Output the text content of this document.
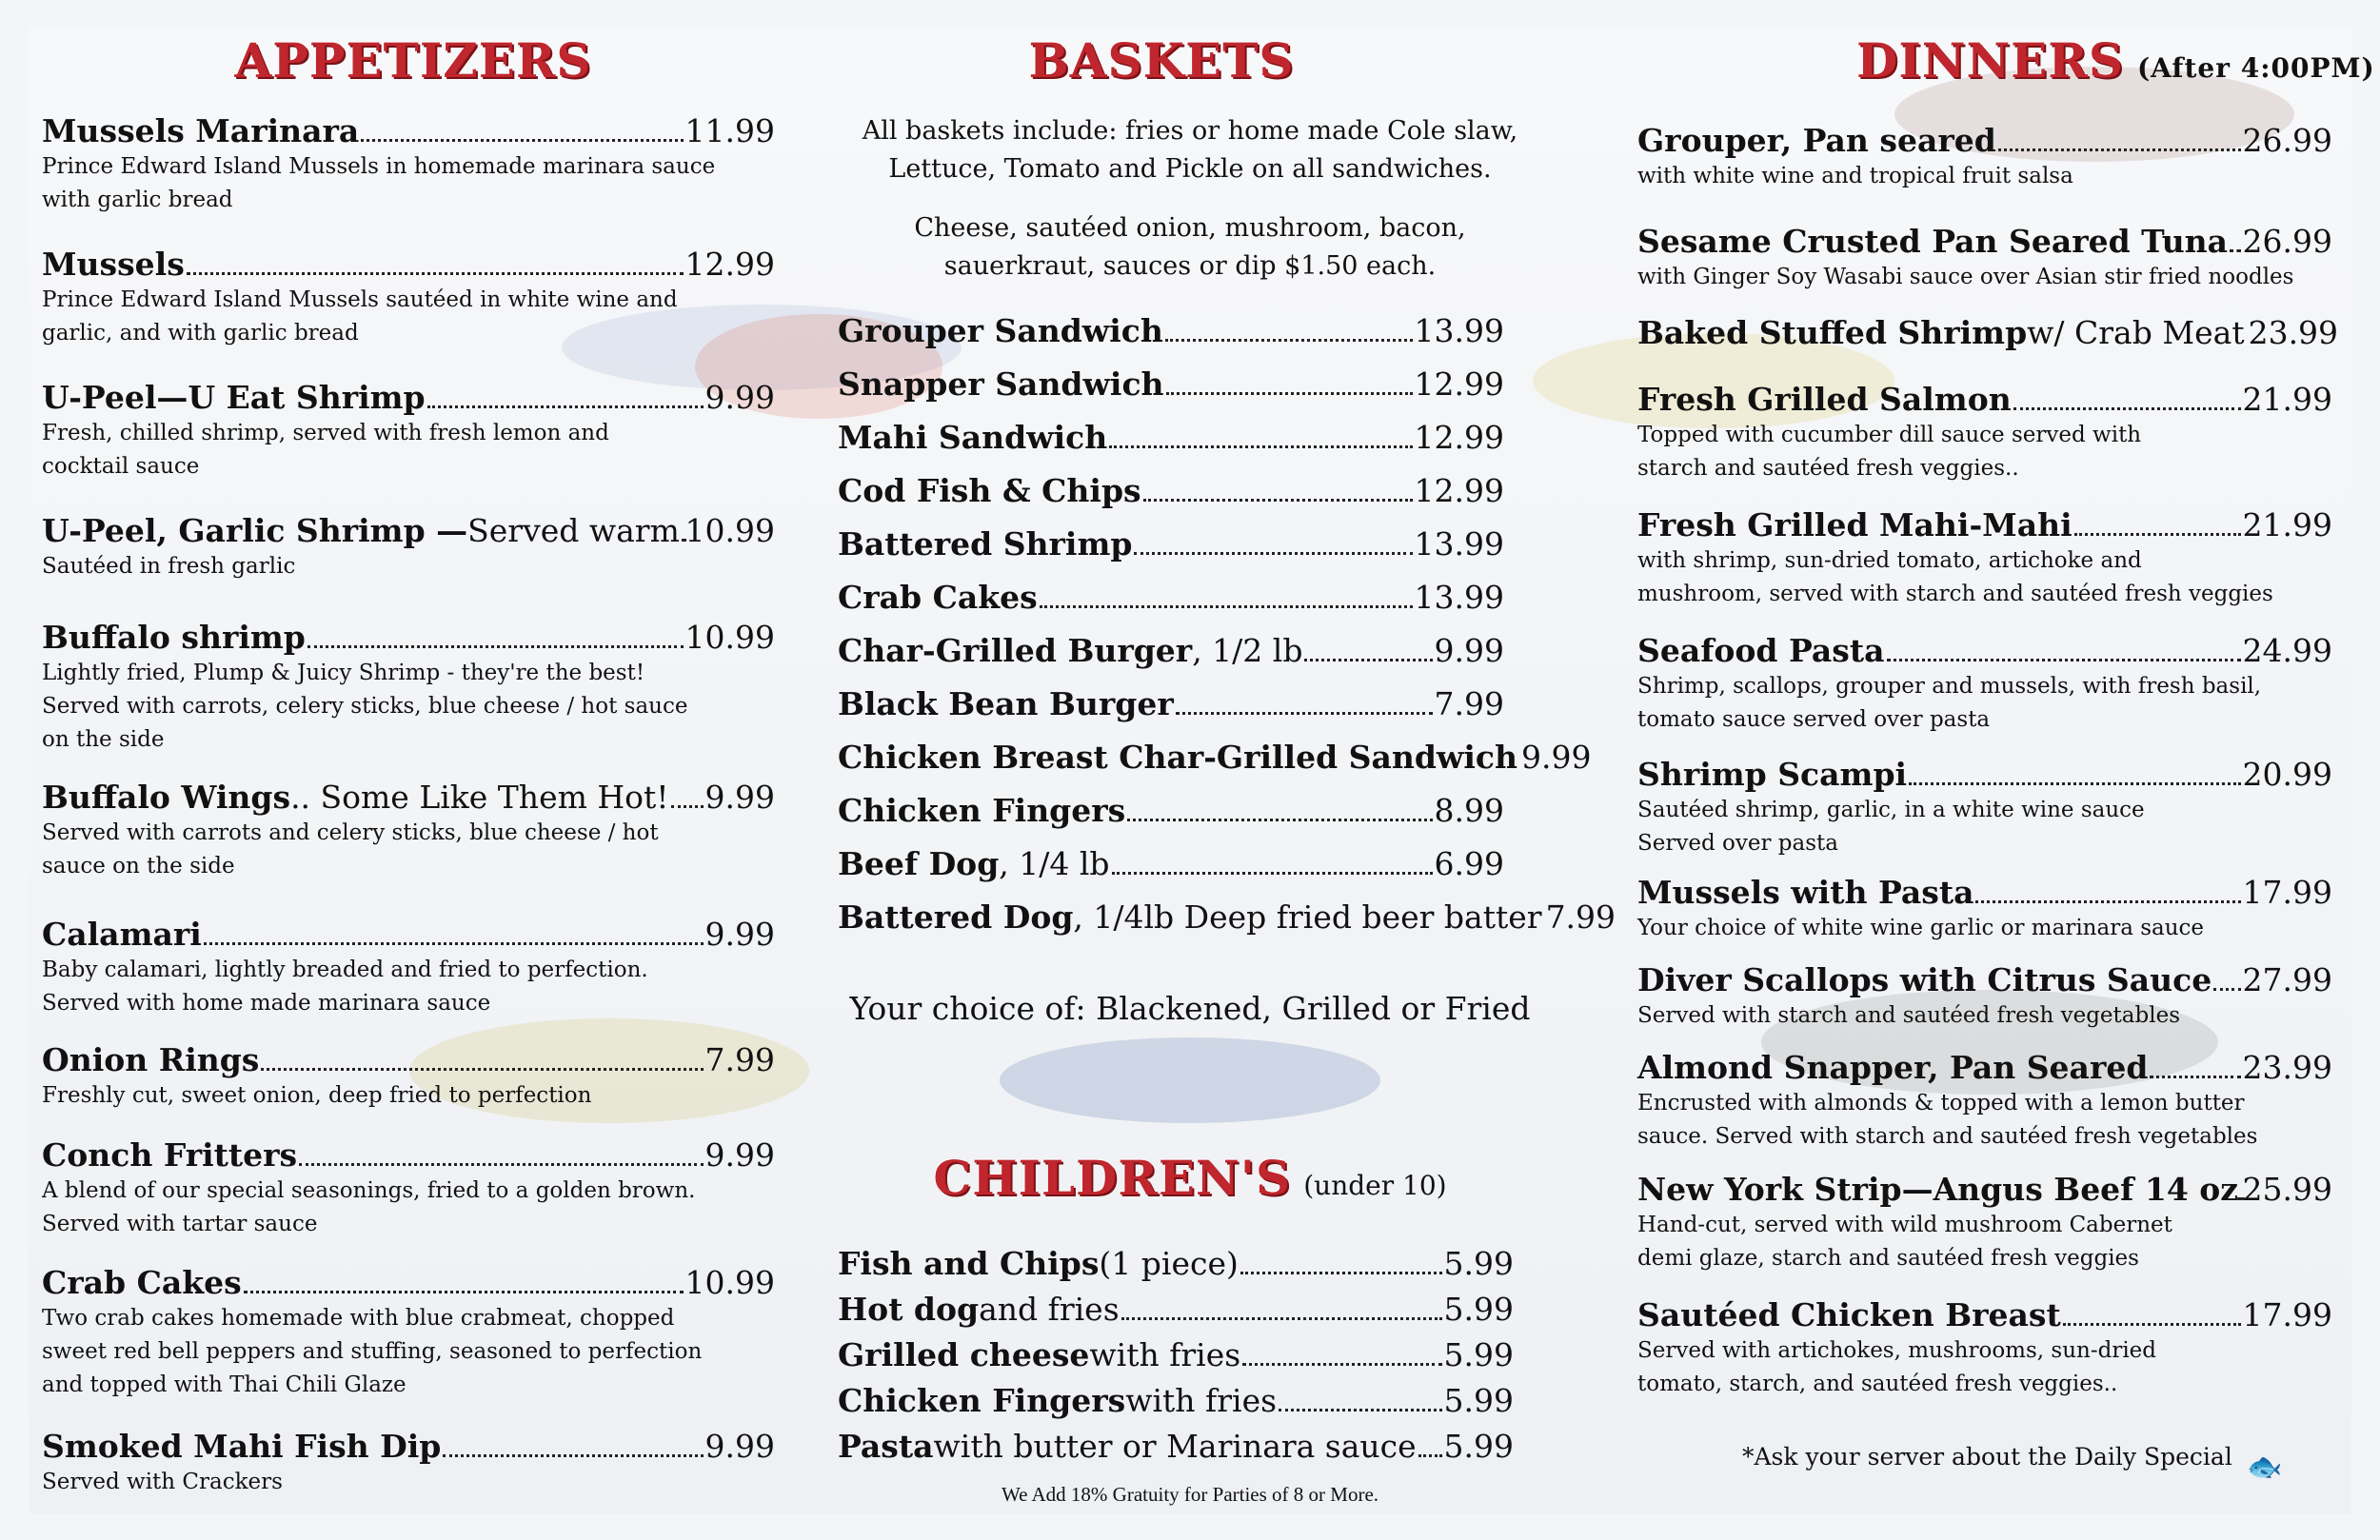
APPETIZERS
Mussels Marinara	11.99
Prince Edward Island Mussels in homemade marinara sauce
with garlic bread
Mussels	12.99
Prince Edward Island Mussels sautéed in white wine and
garlic, and with garlic bread
U-Peel—U Eat Shrimp	9.99
Fresh, chilled shrimp, served with fresh lemon and
cocktail sauce
U-Peel, Garlic Shrimp — Served warm 10.99
Sautéed in fresh garlic
Buffalo shrimp	10.99
Lightly fried, Plump & Juicy Shrimp - they're the best!
Served with carrots, celery sticks, blue cheese / hot sauce
on the side
Buffalo Wings .. Some Like Them Hot! 9.99
Served with carrots and celery sticks, blue cheese / hot
sauce on the side
Calamari	9.99
Baby calamari, lightly breaded and fried to perfection.
Served with home made marinara sauce
Onion Rings	7.99
Freshly cut, sweet onion, deep fried to perfection
Conch Fritters	9.99
A blend of our special seasonings, fried to a golden brown.
Served with tartar sauce
Crab Cakes	10.99
Two crab cakes homemade with blue crabmeat, chopped
sweet red bell peppers and stuffing, seasoned to perfection
and topped with Thai Chili Glaze
Smoked Mahi Fish Dip	9.99
Served with Crackers
BASKETS
All baskets include: fries or home made Cole slaw,
Lettuce, Tomato and Pickle on all sandwiches.
Cheese, sautéed onion, mushroom, bacon,
sauerkraut, sauces or dip $1.50 each.
Grouper Sandwich	13.99
Snapper Sandwich	12.99
Mahi Sandwich	12.99
Cod Fish & Chips	12.99
Battered Shrimp	13.99
Crab Cakes	13.99
Char-Grilled Burger , 1/2 lb	9.99
Black Bean Burger	7.99
Chicken Breast Char-Grilled Sandwich 9.99
Chicken Fingers	8.99
Beef Dog , 1/4 lb	6.99
Battered Dog , 1/4lb Deep fried beer batter 7.99
Your choice of: Blackened, Grilled or Fried
CHILDREN'S (under 10)
Fish and Chips (1 piece)	5.99
Hot dog and fries	5.99
Grilled cheese with fries	5.99
Chicken Fingers with fries	5.99
Pasta with butter or Marinara sauce 5.99
We Add 18% Gratuity for Parties of 8 or More.
DINNERS (After 4:00PM)
Grouper, Pan seared	26.99
with white wine and tropical fruit salsa
Sesame Crusted Pan Seared Tuna 26.99
with Ginger Soy Wasabi sauce over Asian stir fried noodles
Baked Stuffed Shrimp w/ Crab Meat 23.99
Fresh Grilled Salmon	21.99
Topped with cucumber dill sauce served with
starch and sautéed fresh veggies..
Fresh Grilled Mahi-Mahi	21.99
with shrimp, sun-dried tomato, artichoke and
mushroom, served with starch and sautéed fresh veggies
Seafood Pasta	24.99
Shrimp, scallops, grouper and mussels, with fresh basil,
tomato sauce served over pasta
Shrimp Scampi	20.99
Sautéed shrimp, garlic, in a white wine sauce
Served over pasta
Mussels with Pasta	17.99
Your choice of white wine garlic or marinara sauce
Diver Scallops with Citrus Sauce 27.99
Served with starch and sautéed fresh vegetables
Almond Snapper, Pan Seared	23.99
Encrusted with almonds & topped with a lemon butter
sauce. Served with starch and sautéed fresh vegetables
New York Strip—Angus Beef 14 oz 25.99
Hand-cut, served with wild mushroom Cabernet
demi glaze, starch and sautéed fresh veggies
Sautéed Chicken Breast	17.99
Served with artichokes, mushrooms, sun-dried
tomato, starch, and sautéed fresh veggies..
*Ask your server about the Daily Special 🐟
